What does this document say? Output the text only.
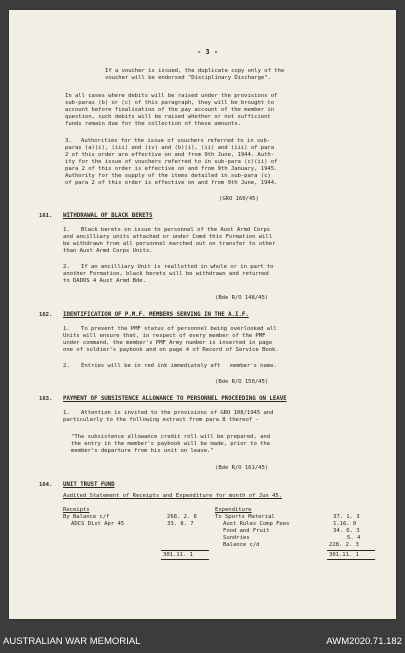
- 3 -
If a voucher is issued, the duplicate copy only of the
voucher will be endorsed "Disciplinary Discharge".
In all cases where debits will be raised under the provisions of
sub-paras (b) or (c) of this paragraph, they will be brought to
account before finalisation of the pay account of the member in
question, such debits will be raised whether or not sufficient
funds remain due for the collection of these amounts.
3. Authorities for the issue of vouchers referred to in sub-
paras (a)(i), (iii) and (iv) and (b)(i), (ii) and (iii) of para
2 of this order are effective on and from 9th June, 1944. Auth-
ity for the issue of vouchers referred to in sub-para (c)(ii) of
para 2 of this order is effective on and from 9th January, 1945.
Authority for the supply of the items detailed in sub-para (c)
of para 2 of this order is effective on and from 9th June, 1944.
(GRO 160/45)
161. WITHDRAWAL OF BLACK BERETS
1. Black berets on issue to personnel of the Aust Armd Corps
and ancilliary units attached or under Comd this Formation will
be withdrawn from all personnel marched out on transfer to other
than Aust Armd Corps Units.
2. If an ancilliary Unit is reallotted in whole or in part to
another Formation, black berets will be withdrawn and returned
to DADOS 4 Aust Armd Bde.
(Bde R/O 148/45)
162. IDENTIFICATION OF P.M.F. MEMBERS SERVING IN THE A.I.F.
1. To prevent the PMF status of personnel being overlooked all
Units will ensure that, in respect of every member of the PMF
under command, the member's PMF Army number is inserted in page
one of soldier's paybook and on page 4 of Record of Service Book.
2. Entries will be in red ink immediately aft   member's name.
(Bde R/O 150/45)
163. PAYMENT OF SUBSISTENCE ALLOWANCE TO PERSONNEL PROCEEDING ON LEAVE
1. Attention is invited to the provisions of GRO 108/1945 and
particularly to the following extract from para 8 thereof -
"The subsistence allowance credit roll will be prepared, and
the entry in the member's paybook will be made, prior to the
member's departure from his unit on leave."
(Bde R/O 161/45)
164. UNIT TRUST FUND
Audited Statement of Receipts and Expenditure for month of Jun 45.
Receipts
By Balance c/f	268. 2. 6
ADCS Dist Apr 45	33. 8. 7
301.11. 1
Expenditure
To Sports Material	37. 1. 3
Aust Rules Comp Fees	1.16. 0
Food and Fruit	34. 6. 3
Sundries	5. 4
Balance c/d	228. 2. 3
301.11. 1
AUSTRALIAN WAR MEMORIAL	AWM2020.71.182
